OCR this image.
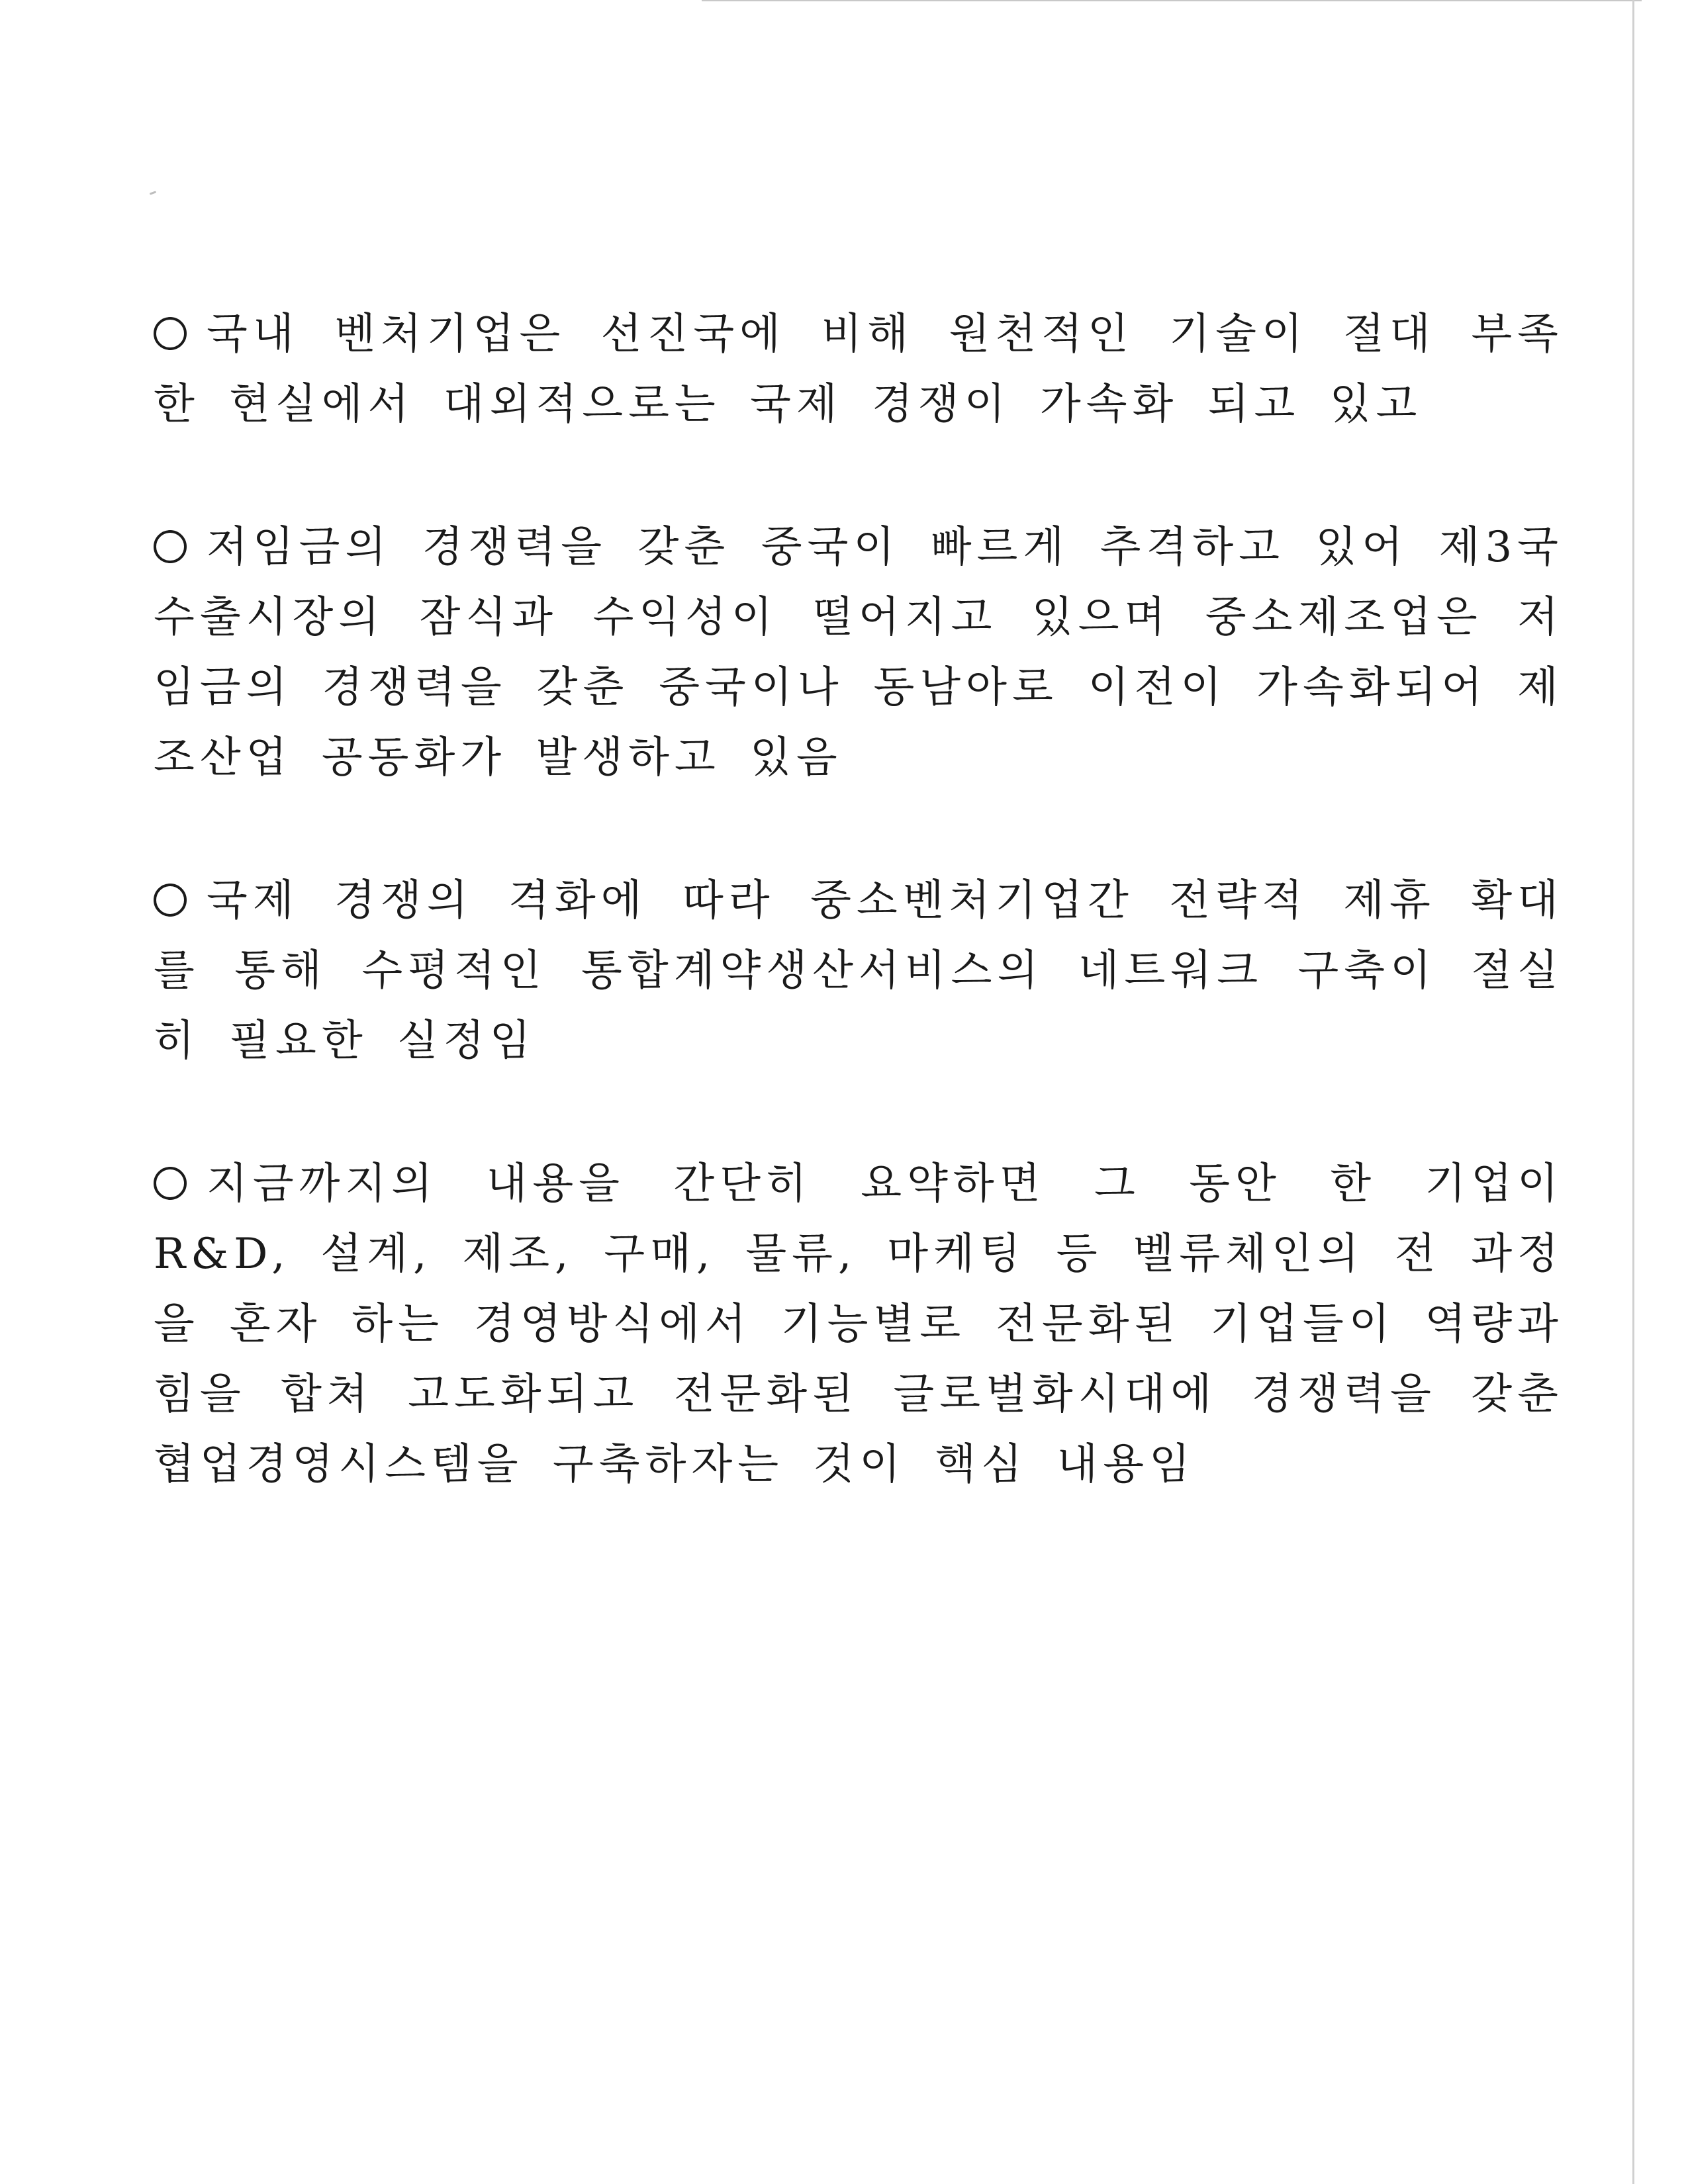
국내 벤처기업은 선진국에 비해 원천적인 기술이 절대 부족한 현실에서 대외적으로는 국제 경쟁이 가속화 되고 있고

저임금의 경쟁력을 갖춘 중국이 빠르게 추격하고 있어 제3국 수출시장의 잠식과 수익성이 떨어지고 있으며 중소제조업은 저임금의 경쟁력을 갖춘 중국이나 동남아로 이전이 가속화되어 제조산업 공동화가 발생하고 있음

국제 경쟁의 격화에 따라 중소벤처기업간 전략적 제휴 확대를 통해 수평적인 통합계약생산서비스의 네트워크 구축이 절실히 필요한 실정임

지금까지의 내용을 간단히 요약하면 그 동안 한 기업이 R&D, 설계, 제조, 구매, 물류, 마케팅 등 벨류체인의 전 과정을 혼자 하는 경영방식에서 기능별로 전문화된 기업들이 역량과 힘을 합쳐 고도화되고 전문화된 글로벌화시대에 경쟁력을 갖춘 협업경영시스템을 구축하자는 것이 핵심 내용임
